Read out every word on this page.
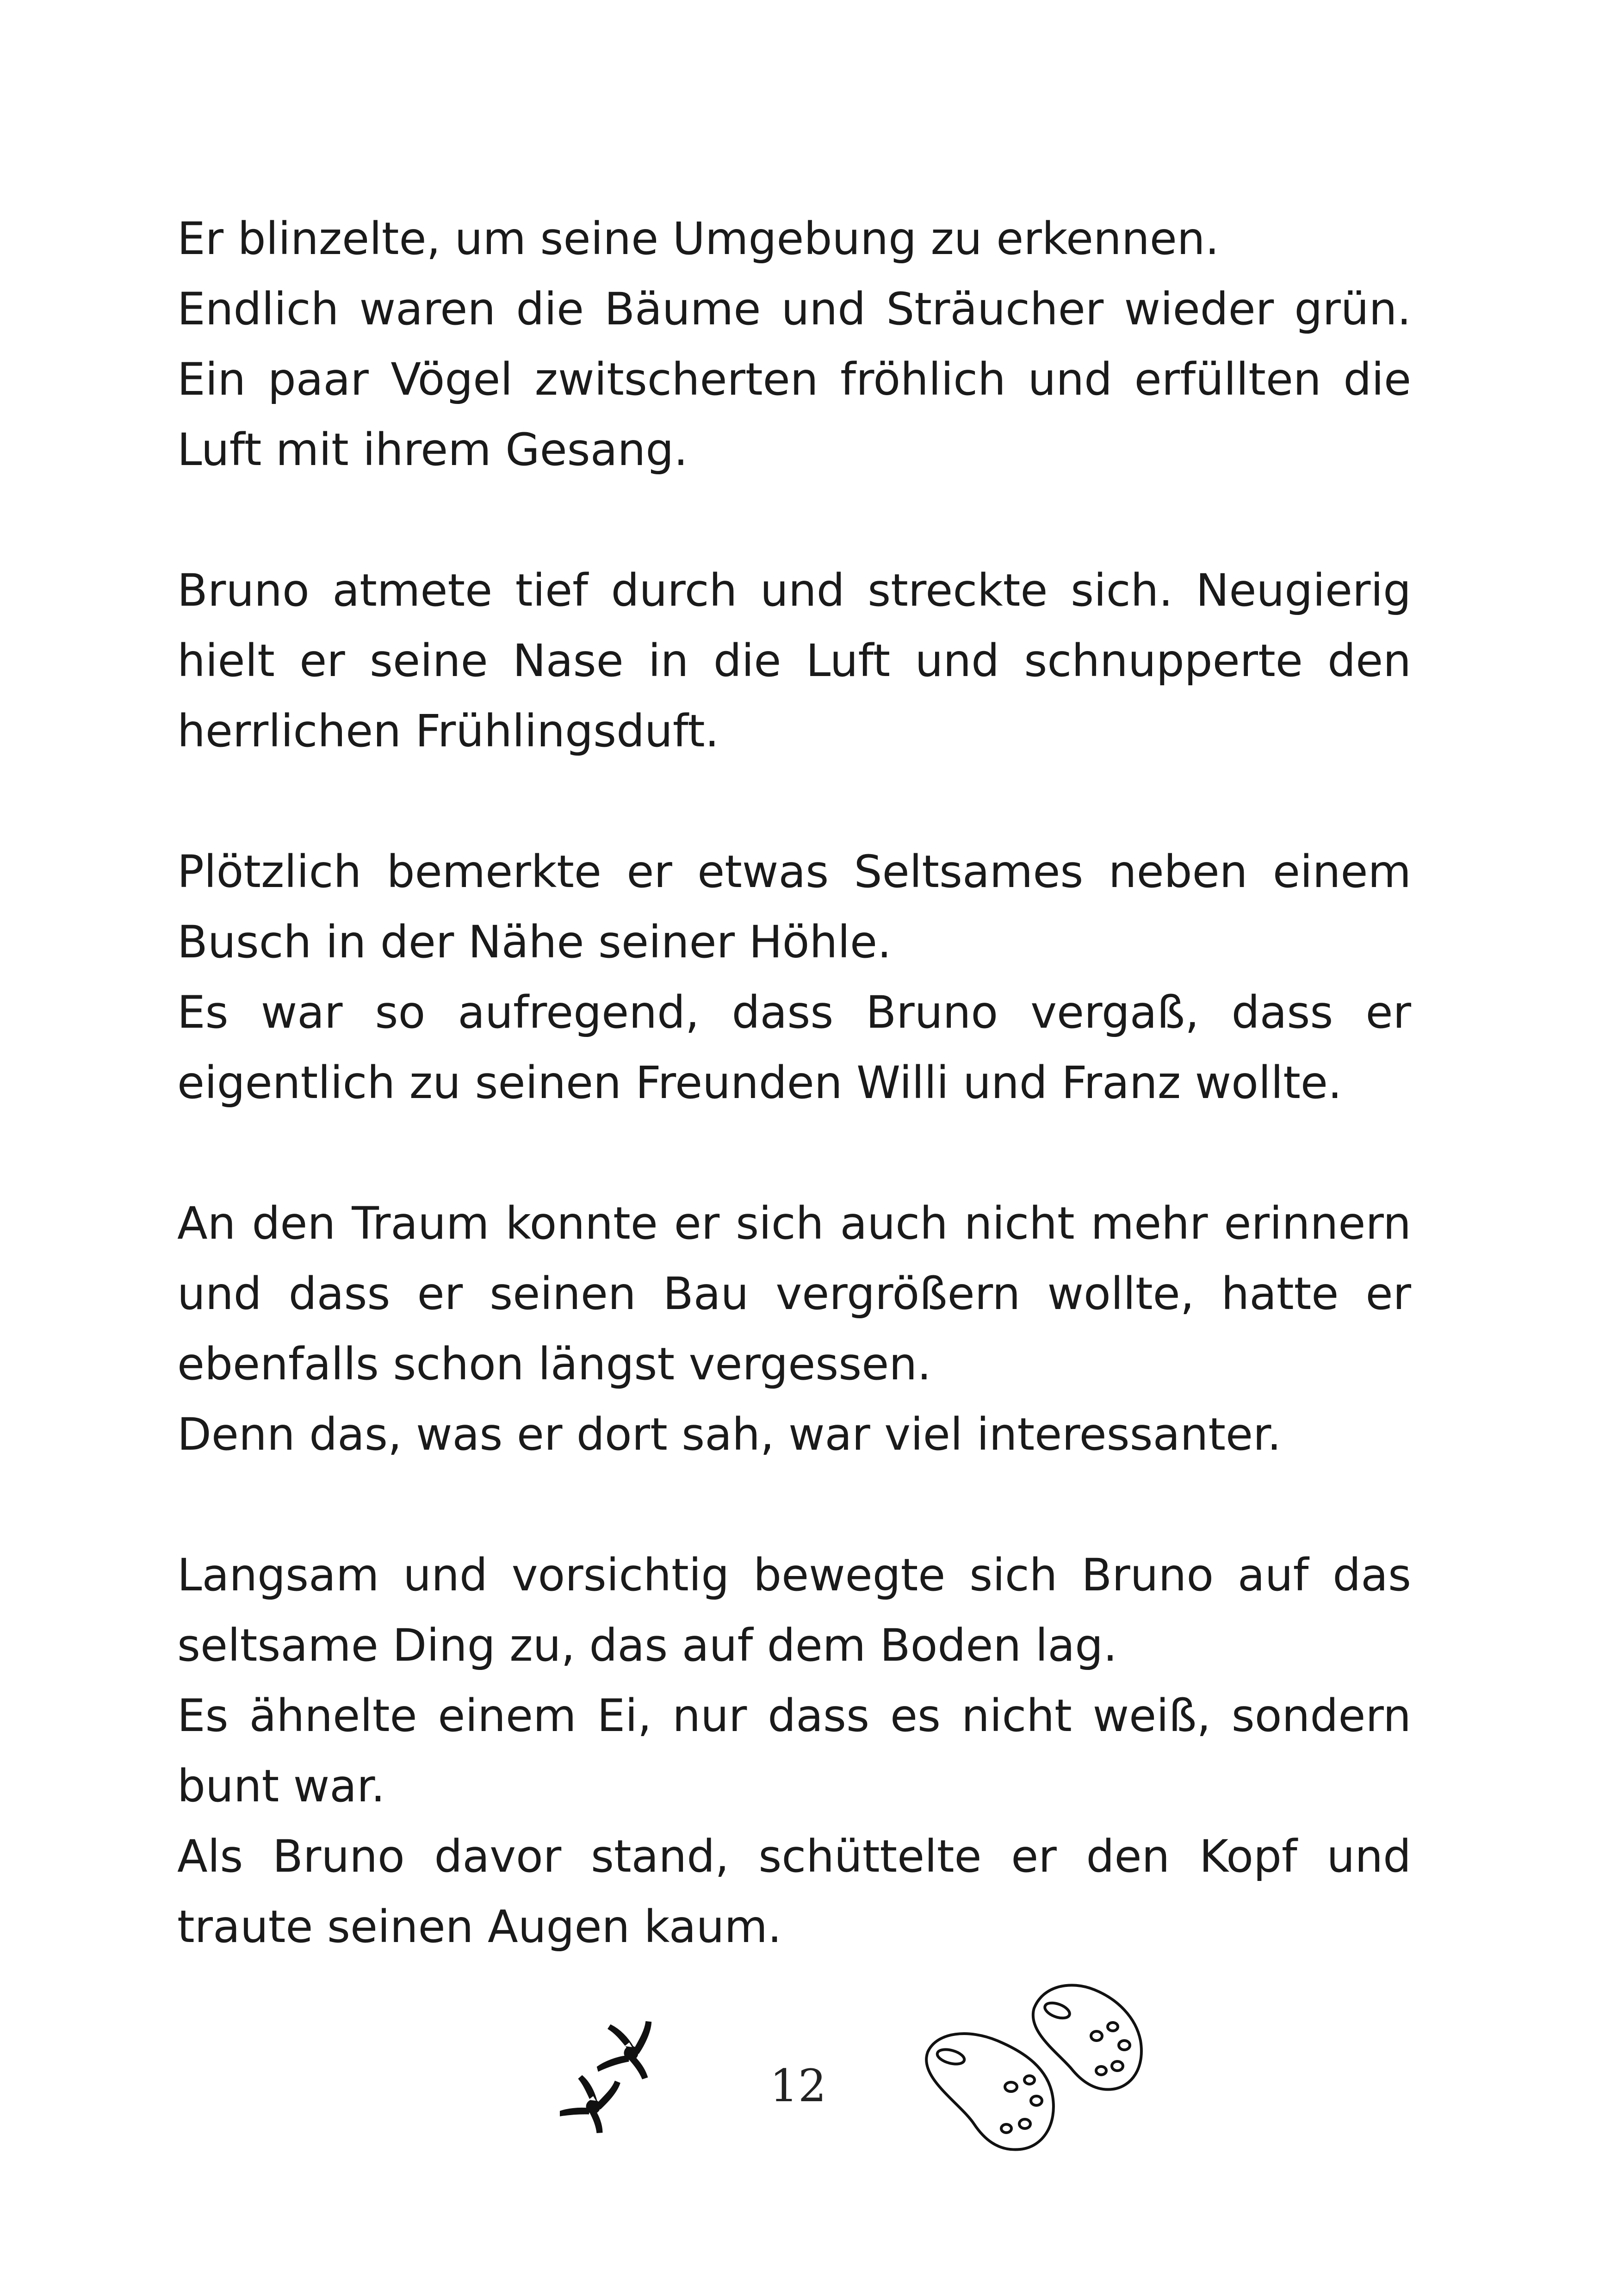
Er blinzelte, um seine Umgebung zu erkennen.

Endlich waren die Bäume und Sträucher wieder grün. Ein paar Vögel zwitscherten fröhlich und erfüllten die Luft mit ihrem Gesang.

Bruno atmete tief durch und streckte sich. Neugierig hielt er seine Nase in die Luft und schnupperte den herrlichen Frühlingsduft.

Plötzlich bemerkte er etwas Seltsames neben einem Busch in der Nähe seiner Höhle.

Es war so aufregend, dass Bruno vergaß, dass er eigentlich zu seinen Freunden Willi und Franz wollte.

An den Traum konnte er sich auch nicht mehr erinnern und dass er seinen Bau vergrößern wollte, hatte er ebenfalls schon längst vergessen.

Denn das, was er dort sah, war viel interessanter.

Langsam und vorsichtig bewegte sich Bruno auf das seltsame Ding zu, das auf dem Boden lag.

Es ähnelte einem Ei, nur dass es nicht weiß, sondern bunt war.

Als Bruno davor stand, schüttelte er den Kopf und traute seinen Augen kaum.

12
